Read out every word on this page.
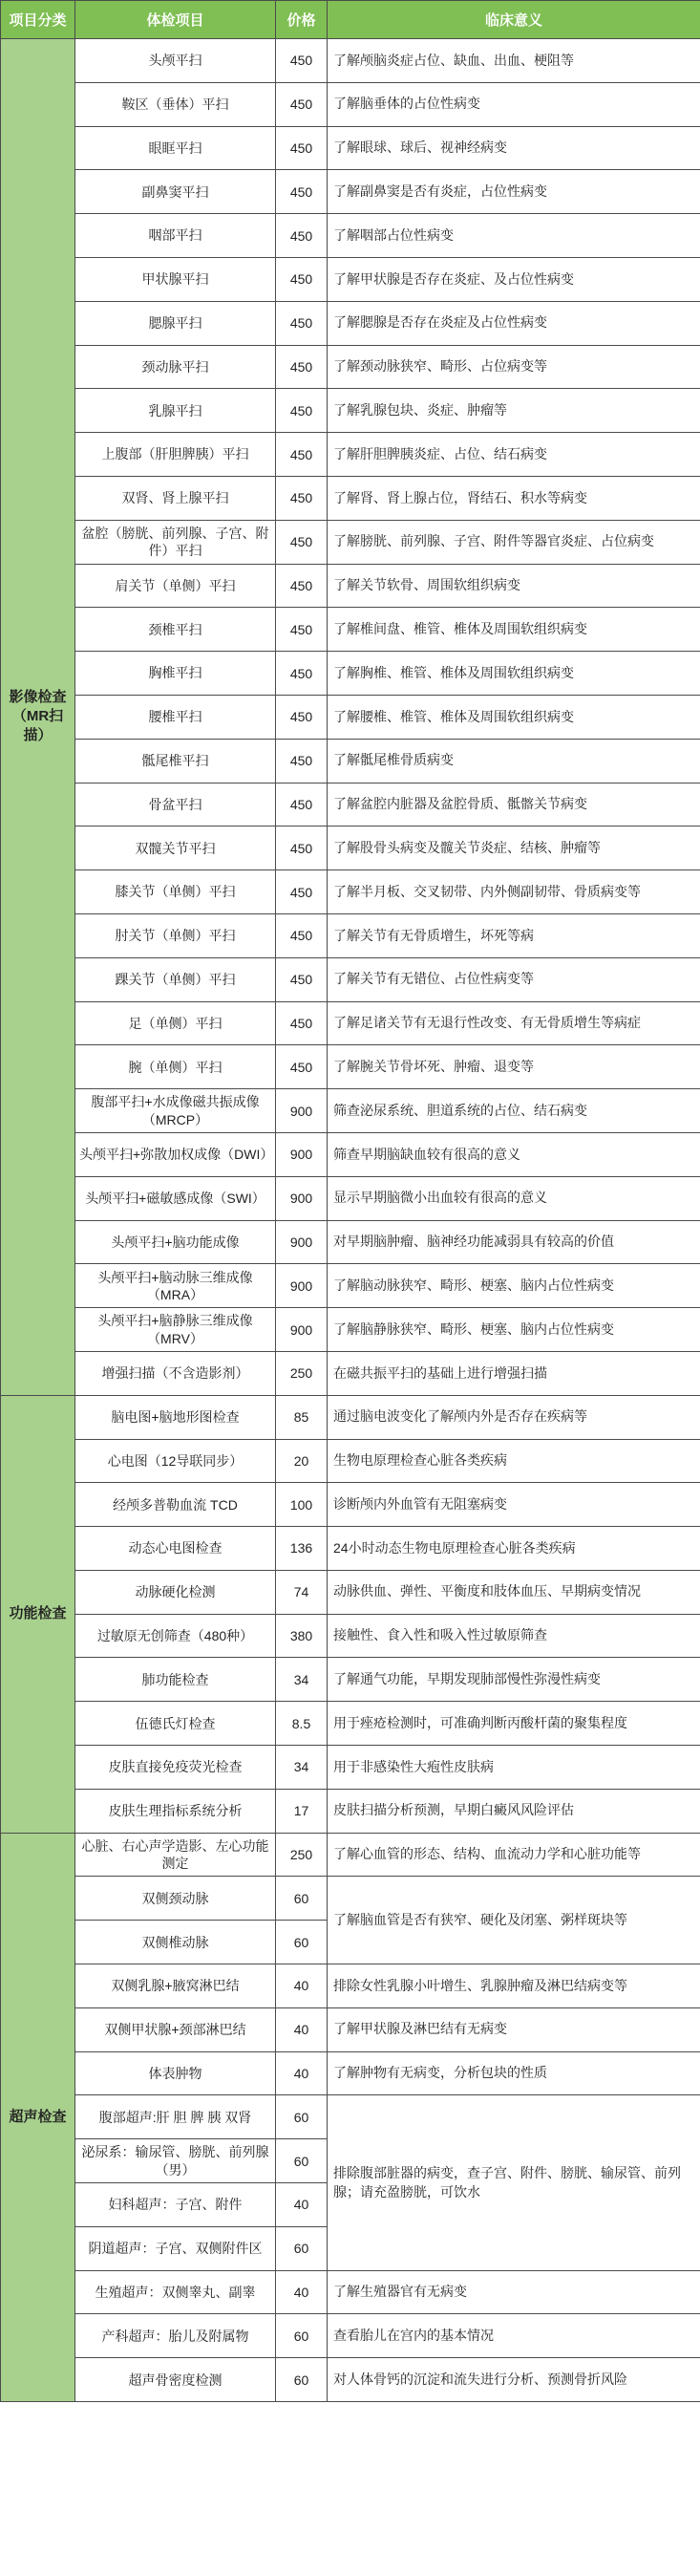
项目分类	体检项目	价格	临床意义
影像检查（MR扫描）	头颅平扫	450	了解颅脑炎症占位、缺血、出血、梗阻等
	鞍区（垂体）平扫	450	了解脑垂体的占位性病变
	眼眶平扫	450	了解眼球、球后、视神经病变
	副鼻窦平扫	450	了解副鼻窦是否有炎症，占位性病变
	咽部平扫	450	了解咽部占位性病变
	甲状腺平扫	450	了解甲状腺是否存在炎症、及占位性病变
	腮腺平扫	450	了解腮腺是否存在炎症及占位性病变
	颈动脉平扫	450	了解颈动脉狭窄、畸形、占位病变等
	乳腺平扫	450	了解乳腺包块、炎症、肿瘤等
	上腹部（肝胆脾胰）平扫	450	了解肝胆脾胰炎症、占位、结石病变
	双肾、肾上腺平扫	450	了解肾、肾上腺占位，肾结石、积水等病变
	盆腔（膀胱、前列腺、子宫、附件）平扫	450	了解膀胱、前列腺、子宫、附件等器官炎症、占位病变
	肩关节（单侧）平扫	450	了解关节软骨、周围软组织病变
	颈椎平扫	450	了解椎间盘、椎管、椎体及周围软组织病变
	胸椎平扫	450	了解胸椎、椎管、椎体及周围软组织病变
	腰椎平扫	450	了解腰椎、椎管、椎体及周围软组织病变
	骶尾椎平扫	450	了解骶尾椎骨质病变
	骨盆平扫	450	了解盆腔内脏器及盆腔骨质、骶髂关节病变
	双髋关节平扫	450	了解股骨头病变及髋关节炎症、结核、肿瘤等
	膝关节（单侧）平扫	450	了解半月板、交叉韧带、内外侧副韧带、骨质病变等
	肘关节（单侧）平扫	450	了解关节有无骨质增生，坏死等病
	踝关节（单侧）平扫	450	了解关节有无错位、占位性病变等
	足（单侧）平扫	450	了解足诸关节有无退行性改变、有无骨质增生等病症
	腕（单侧）平扫	450	了解腕关节骨坏死、肿瘤、退变等
	腹部平扫+水成像磁共振成像（MRCP）	900	筛查泌尿系统、胆道系统的占位、结石病变
	头颅平扫+弥散加权成像（DWI）	900	筛查早期脑缺血较有很高的意义
	头颅平扫+磁敏感成像（SWI）	900	显示早期脑微小出血较有很高的意义
	头颅平扫+脑功能成像	900	对早期脑肿瘤、脑神经功能减弱具有较高的价值
	头颅平扫+脑动脉三维成像（MRA）	900	了解脑动脉狭窄、畸形、梗塞、脑内占位性病变
	头颅平扫+脑静脉三维成像（MRV）	900	了解脑静脉狭窄、畸形、梗塞、脑内占位性病变
	增强扫描（不含造影剂）	250	在磁共振平扫的基础上进行增强扫描
功能检查	脑电图+脑地形图检查	85	通过脑电波变化了解颅内外是否存在疾病等
	心电图（12导联同步）	20	生物电原理检查心脏各类疾病
	经颅多普勒血流 TCD	100	诊断颅内外血管有无阻塞病变
	动态心电图检查	136	24小时动态生物电原理检查心脏各类疾病
	动脉硬化检测	74	动脉供血、弹性、平衡度和肢体血压、早期病变情况
	过敏原无创筛查（480种）	380	接触性、食入性和吸入性过敏原筛查
	肺功能检查	34	了解通气功能，早期发现肺部慢性弥漫性病变
	伍德氏灯检查	8.5	用于痤疮检测时，可准确判断丙酸杆菌的聚集程度
	皮肤直接免疫荧光检查	34	用于非感染性大疱性皮肤病
	皮肤生理指标系统分析	17	皮肤扫描分析预测，早期白癜风风险评估
超声检查	心脏、右心声学造影、左心功能测定	250	了解心血管的形态、结构、血流动力学和心脏功能等
	双侧颈动脉	60	了解脑血管是否有狭窄、硬化及闭塞、粥样斑块等
	双侧椎动脉	60	
	双侧乳腺+腋窝淋巴结	40	排除女性乳腺小叶增生、乳腺肿瘤及淋巴结病变等
	双侧甲状腺+颈部淋巴结	40	了解甲状腺及淋巴结有无病变
	体表肿物	40	了解肿物有无病变，分析包块的性质
	腹部超声:肝 胆 脾 胰 双肾	60	排除腹部脏器的病变，查子宫、附件、膀胱、输尿管、前列腺；请充盈膀胱，可饮水
	泌尿系：输尿管、膀胱、前列腺（男）	60	
	妇科超声：子宫、附件	40	
	阴道超声：子宫、双侧附件区	60	
	生殖超声：双侧睾丸、副睾	40	了解生殖器官有无病变
	产科超声：胎儿及附属物	60	查看胎儿在宫内的基本情况
	超声骨密度检测	60	对人体骨钙的沉淀和流失进行分析、预测骨折风险
